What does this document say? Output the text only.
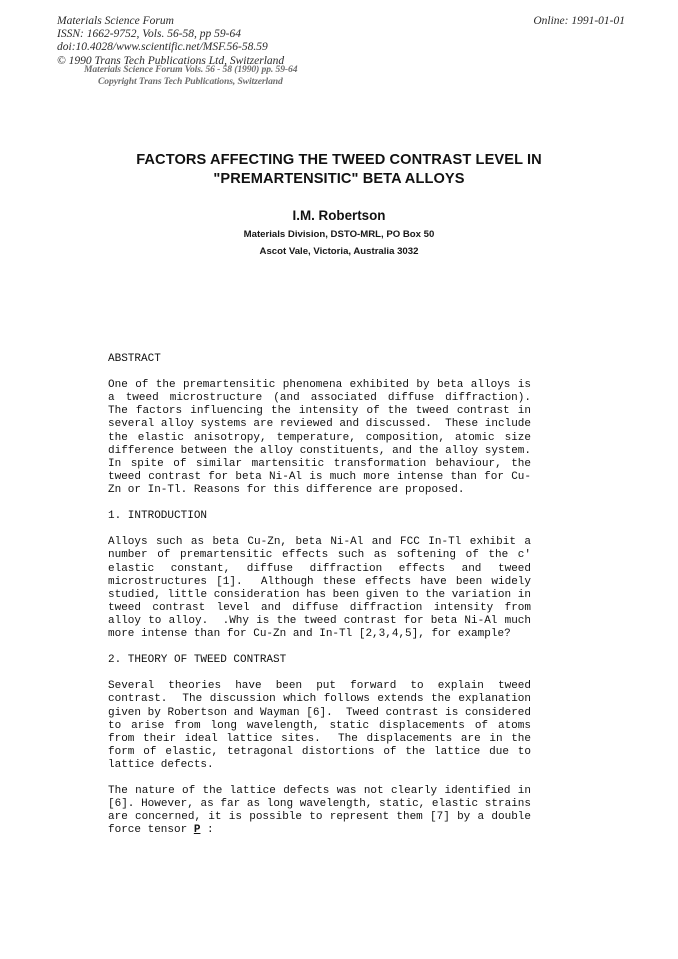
Materials Science Forum
ISSN: 1662-9752, Vols. 56-58, pp 59-64
doi:10.4028/www.scientific.net/MSF.56-58.59
© 1990 Trans Tech Publications Ltd, Switzerland
Online: 1991-01-01
Materials Science Forum Vols. 56 - 58 (1990) pp. 59-64
Copyright Trans Tech Publications, Switzerland
FACTORS AFFECTING THE TWEED CONTRAST LEVEL IN
"PREMARTENSITIC" BETA ALLOYS
I.M. Robertson
Materials Division, DSTO-MRL, PO Box 50
Ascot Vale, Victoria, Australia 3032
ABSTRACT

One of the premartensitic phenomena exhibited by beta alloys is a tweed microstructure (and associated diffuse diffraction).  The factors influencing the intensity of the tweed contrast in several alloy systems are reviewed and discussed.  These include the elastic anisotropy, temperature, composition, atomic size difference between the alloy constituents, and the alloy system.  In spite of similar martensitic transformation behaviour, the tweed contrast for beta Ni-Al is much more intense than for Cu-Zn or In-Tl. Reasons for this difference are proposed.

1. INTRODUCTION

Alloys such as beta Cu-Zn, beta Ni-Al and FCC In-Tl exhibit a number of premartensitic effects such as softening of the c' elastic constant, diffuse diffraction effects and tweed microstructures [1].  Although these effects have been widely studied, little consideration has been given to the variation in tweed contrast level and diffuse diffraction intensity from alloy to alloy.  .Why is the tweed contrast for beta Ni-Al much more intense than for Cu-Zn and In-Tl [2,3,4,5], for example?

2. THEORY OF TWEED CONTRAST

Several theories have been put forward to explain tweed contrast.  The discussion which follows extends the explanation given by Robertson and Wayman [6].  Tweed contrast is considered to arise from long wavelength, static displacements of atoms from their ideal lattice sites.  The displacements are in the form of elastic, tetragonal distortions of the lattice due to lattice defects.

The nature of the lattice defects was not clearly identified in [6]. However, as far as long wavelength, static, elastic strains are concerned, it is possible to represent them [7] by a double force tensor P :
